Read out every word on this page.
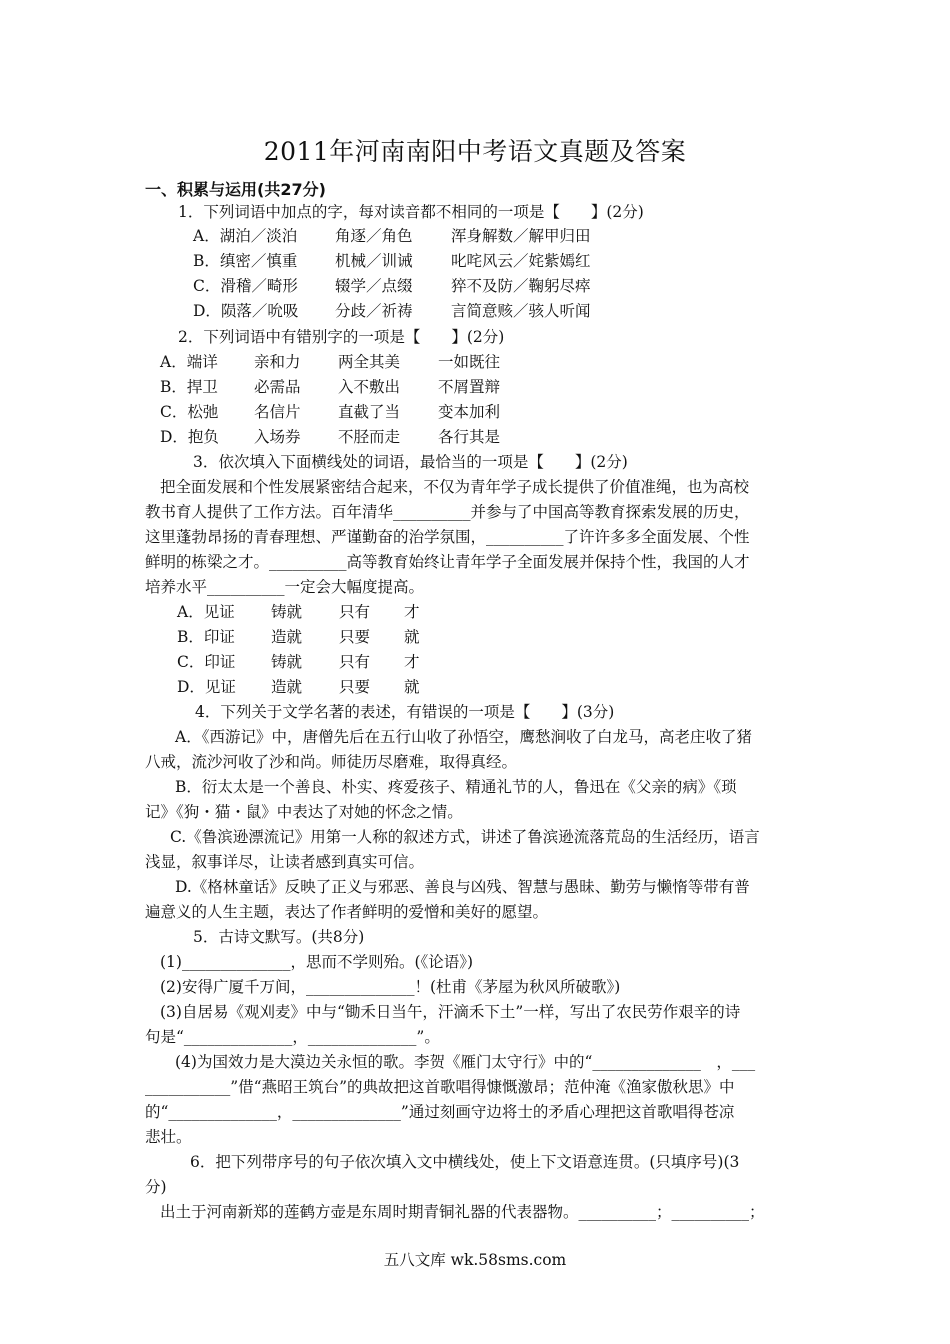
2011年河南南阳中考语文真题及答案
一、积累与运用(共27分)
1．下列词语中加点的字，每对读音都不相同的一项是【　　】(2分)
A．湖泊／淡泊 角逐／角色 浑身解数／解甲归田
B．缜密／慎重 机械／训诫 叱咤风云／姹紫嫣红
C．滑稽／畸形 辍学／点缀 猝不及防／鞠躬尽瘁
D．陨落／吮吸 分歧／祈祷 言简意赅／骇人听闻
2．下列词语中有错别字的一项是【　　】(2分)
A．端详 亲和力 两全其美 一如既往
B．捍卫 必需品 入不敷出 不屑置辩
C．松弛 名信片 直截了当 变本加利
D．抱负 入场券 不胫而走 各行其是
3．依次填入下面横线处的词语，最恰当的一项是【　　】(2分)
把全面发展和个性发展紧密结合起来，不仅为青年学子成长提供了价值准绳，也为高校
教书育人提供了工作方法。百年清华__________并参与了中国高等教育探索发展的历史，
这里蓬勃昂扬的青春理想、严谨勤奋的治学氛围，__________了许许多多全面发展、个性
鲜明的栋梁之才。__________高等教育始终让青年学子全面发展并保持个性，我国的人才
培养水平__________一定会大幅度提高。
A．见证 铸就 只有 才
B．印证 造就 只要 就
C．印证 铸就 只有 才
D．见证 造就 只要 就
4．下列关于文学名著的表述，有错误的一项是【　　】(3分)
A．《西游记》中，唐僧先后在五行山收了孙悟空，鹰愁涧收了白龙马，高老庄收了猪
八戒，流沙河收了沙和尚。师徒历尽磨难，取得真经。
B．衍太太是一个善良、朴实、疼爱孩子、精通礼节的人，鲁迅在《父亲的病》《琐
记》《狗・猫・鼠》中表达了对她的怀念之情。
C.《鲁滨逊漂流记》用第一人称的叙述方式，讲述了鲁滨逊流落荒岛的生活经历，语言
浅显，叙事详尽，让读者感到真实可信。
D.《格林童话》反映了正义与邪恶、善良与凶残、智慧与愚昧、勤劳与懒惰等带有普
遍意义的人生主题，表达了作者鲜明的爱憎和美好的愿望。
5．古诗文默写。(共8分)
(1)______________，思而不学则殆。(《论语》)
(2)安得广厦千万间，______________！(杜甫《茅屋为秋风所破歌》)
(3)自居易《观刈麦》中与“锄禾日当午，汗滴禾下土”一样，写出了农民劳作艰辛的诗
句是“______________，______________”。
(4)为国效力是大漠边关永恒的歌。李贺《雁门太守行》中的“______________　，___
___________”借“燕昭王筑台”的典故把这首歌唱得慷慨激昂；范仲淹《渔家傲秋思》中
的“______________，______________”通过刻画守边将士的矛盾心理把这首歌唱得苍凉
悲壮。
6．把下列带序号的句子依次填入文中横线处，使上下文语意连贯。(只填序号)(3
分)
出土于河南新郑的莲鹤方壶是东周时期青铜礼器的代表器物。__________；__________；
五八文库 wk.58sms.com
